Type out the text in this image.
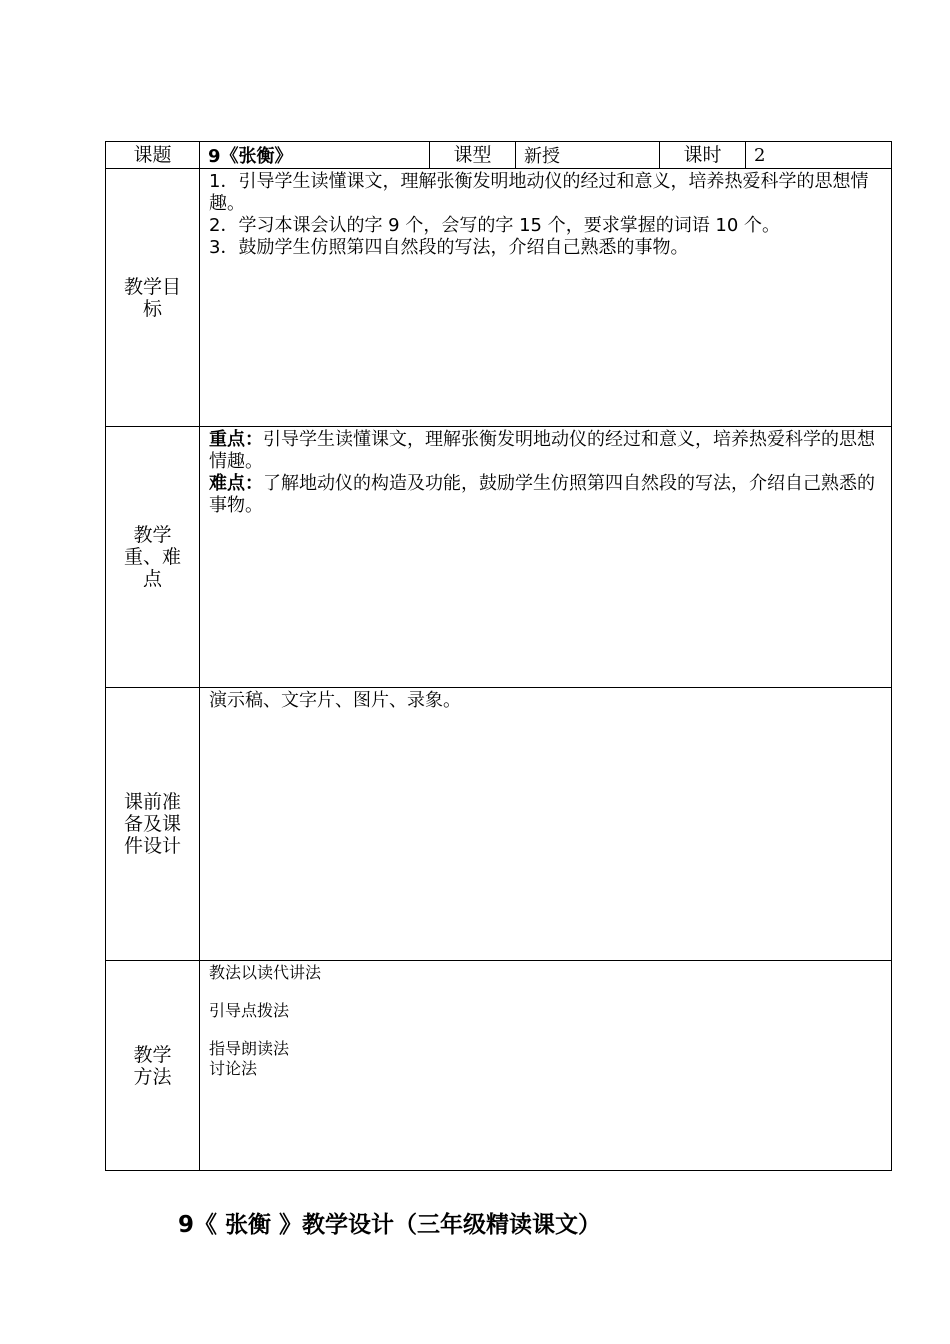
课题	9《张衡》	课型	新授	课时	2
教学目标	1．引导学生读懂课文，理解张衡发明地动仪的经过和意义，培养热爱科学的思想情趣。

2．学习本课会认的字 9 个，会写的字 15 个，要求掌握的词语 10 个。

3．鼓励学生仿照第四自然段的写法，介绍自己熟悉的事物。				

教学重、难点	重点：引导学生读懂课文，理解张衡发明地动仪的经过和意义，培养热爱科学的思想情趣。

难点：了解地动仪的构造及功能，鼓励学生仿照第四自然段的写法，介绍自己熟悉的事物。				

课前准备及课件设计	演示稿、文字片、图片、录象。				

教学方法	教法以读代讲法

引导点拨法

指导朗读法

讨论法				

9《 张衡 》教学设计（三年级精读课文）
